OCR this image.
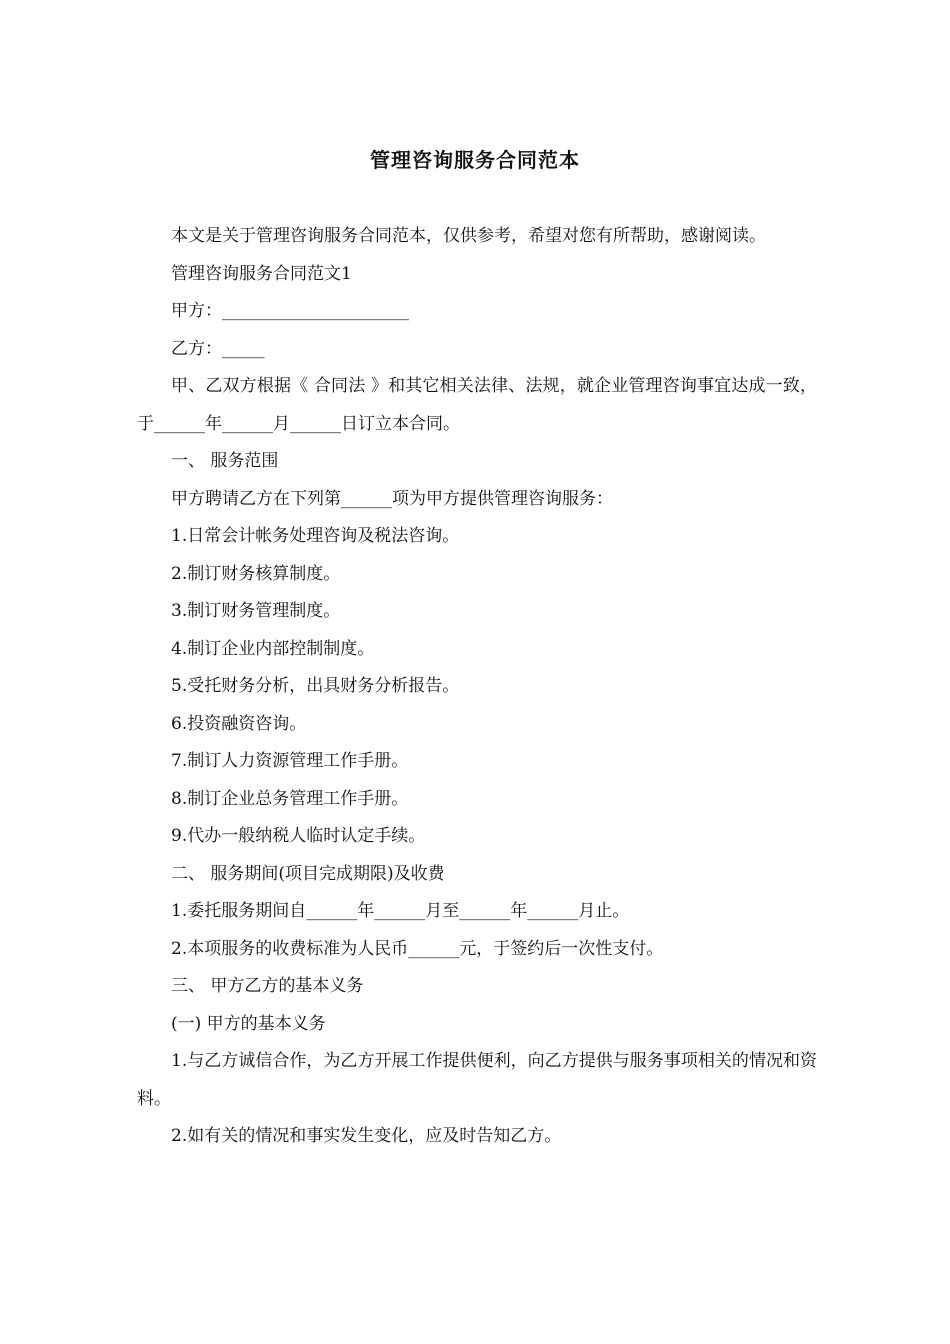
管理咨询服务合同范本

本文是关于管理咨询服务合同范本，仅供参考，希望对您有所帮助，感谢阅读。

管理咨询服务合同范文1

甲方：______________________

乙方：_____

甲、乙双方根据《 合同法 》和其它相关法律、法规，就企业管理咨询事宜达成一致，于______年______月______日订立本合同。

一、 服务范围

甲方聘请乙方在下列第______项为甲方提供管理咨询服务：

1.日常会计帐务处理咨询及税法咨询。

2.制订财务核算制度。

3.制订财务管理制度。

4.制订企业内部控制制度。

5.受托财务分析，出具财务分析报告。

6.投资融资咨询。

7.制订人力资源管理工作手册。

8.制订企业总务管理工作手册。

9.代办一般纳税人临时认定手续。

二、 服务期间(项目完成期限)及收费

1.委托服务期间自______年______月至______年______月止。

2.本项服务的收费标准为人民币______元，于签约后一次性支付。

三、 甲方乙方的基本义务

(一) 甲方的基本义务

1.与乙方诚信合作，为乙方开展工作提供便利，向乙方提供与服务事项相关的情况和资料。

2.如有关的情况和事实发生变化，应及时告知乙方。
